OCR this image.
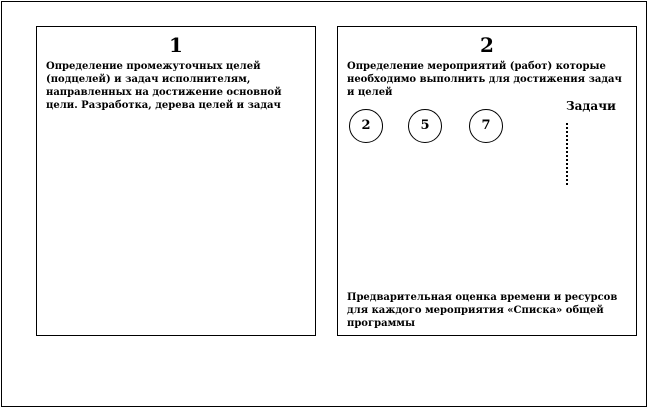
1
Определение промежуточных целей (подцелей) и задач исполнителям, направленных на достижение основной цели. Разработка, дерева целей и задач
2
Определение мероприятий (работ) которые необходимо выполнить для достижения задач и целей
Задачи
2	5	7
Предварительная оценка времени и ресурсов для каждого мероприятия «Списка» общей программы
